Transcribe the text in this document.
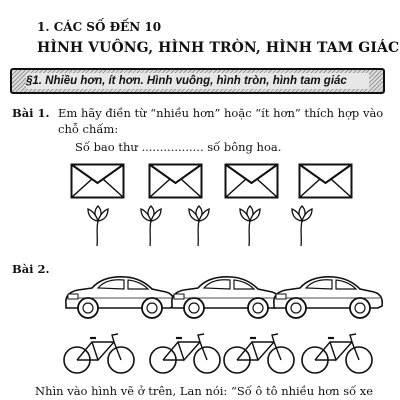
1. CÁC SỐ ĐẾN 10
HÌNH VUÔNG, HÌNH TRÒN, HÌNH TAM GIÁC
§1. Nhiều hơn, ít hơn. Hình vuông, hình tròn, hình tam giác
Bài 1. Em hãy điền từ “nhiều hơn” hoặc “ít hơn” thích hợp vào
chỗ chấm:
Số bao thư ................. số bông hoa.
Bài 2.
Nhìn vào hình vẽ ở trên, Lan nói: “Số ô tô nhiều hơn số xe
